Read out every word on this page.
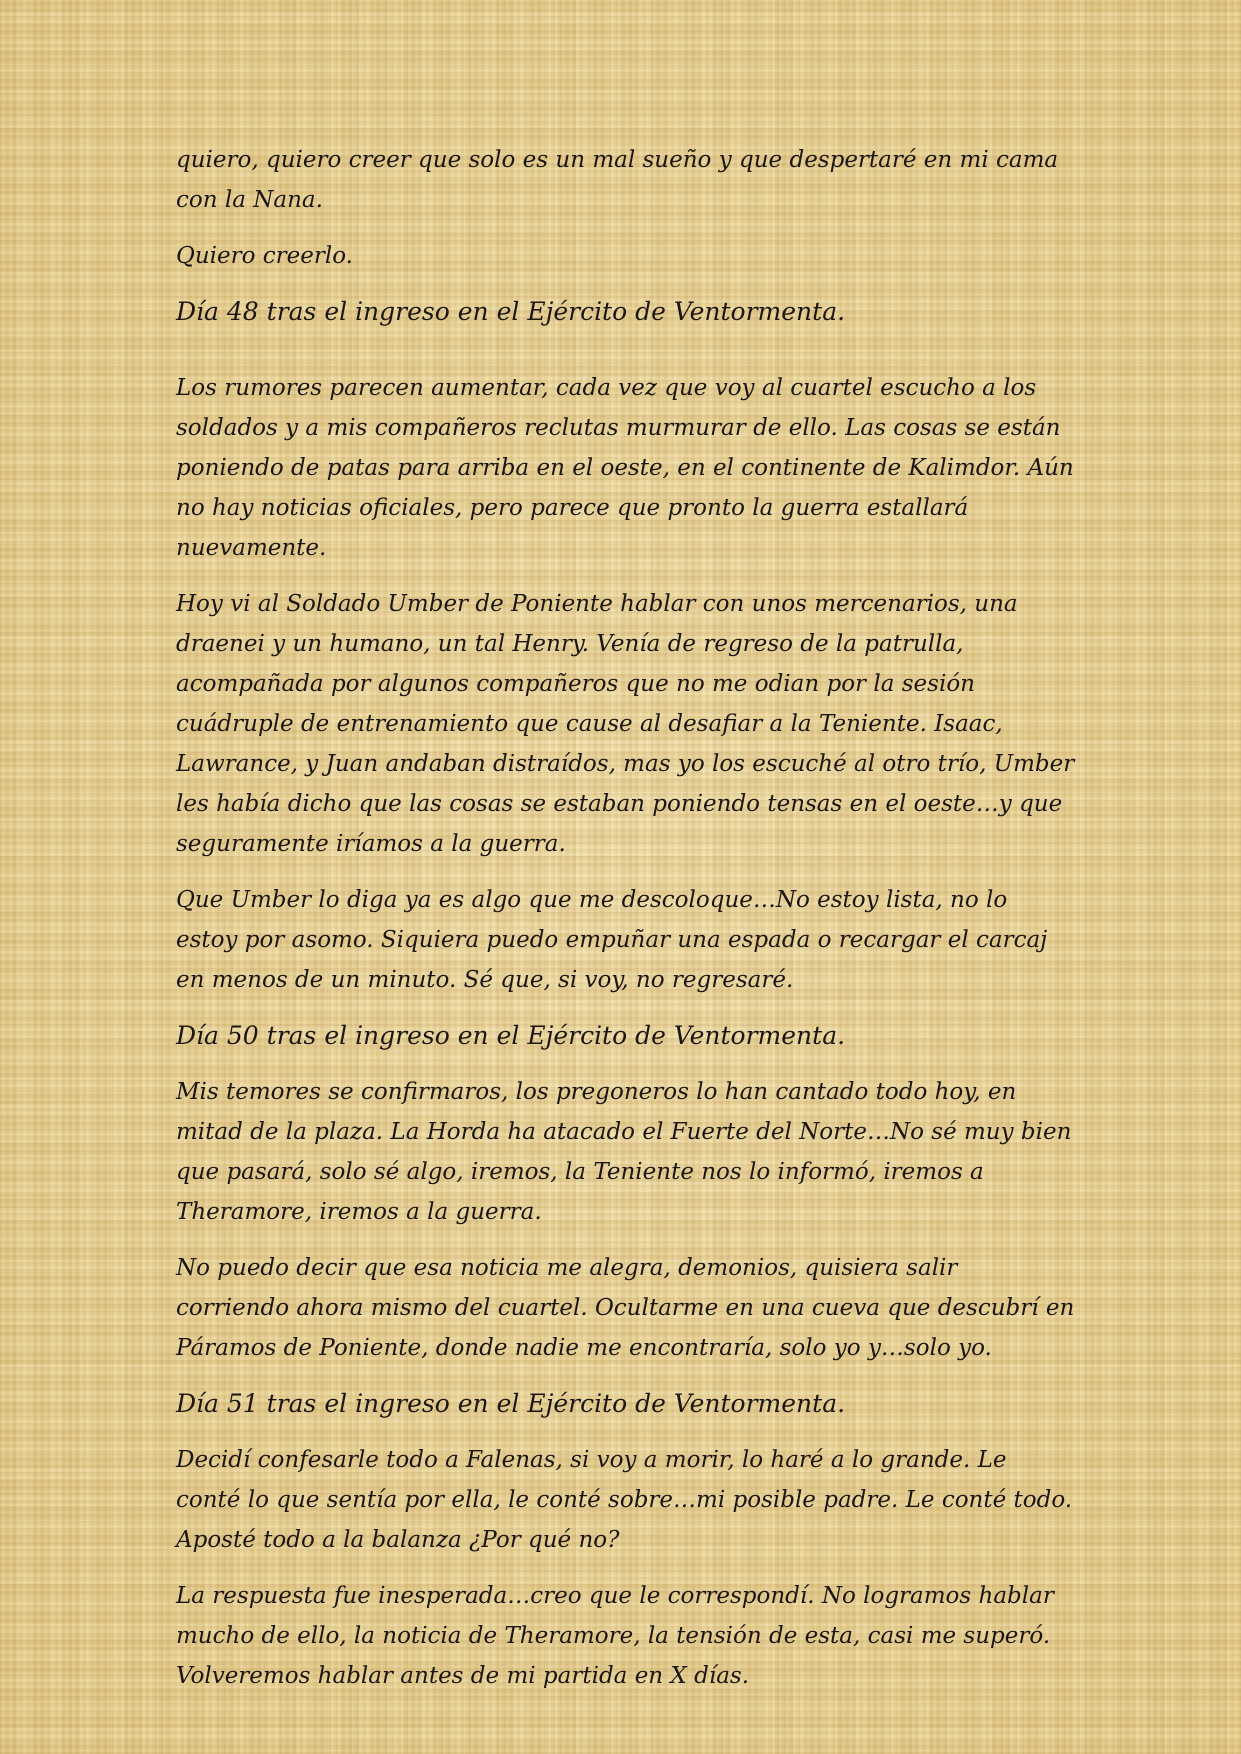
quiero, quiero creer que solo es un mal sueño y que despertaré en mi cama con la Nana.

Quiero creerlo.

Día 48 tras el ingreso en el Ejército de Ventormenta.

Los rumores parecen aumentar, cada vez que voy al cuartel escucho a los soldados y a mis compañeros reclutas murmurar de ello. Las cosas se están poniendo de patas para arriba en el oeste, en el continente de Kalimdor. Aún no hay noticias oficiales, pero parece que pronto la guerra estallará nuevamente.

Hoy vi al Soldado Umber de Poniente hablar con unos mercenarios, una draenei y un humano, un tal Henry. Venía de regreso de la patrulla, acompañada por algunos compañeros que no me odian por la sesión cuádruple de entrenamiento que cause al desafiar a la Teniente. Isaac, Lawrance, y Juan andaban distraídos, mas yo los escuché al otro trío, Umber les había dicho que las cosas se estaban poniendo tensas en el oeste…y que seguramente iríamos a la guerra.

Que Umber lo diga ya es algo que me descoloque…No estoy lista, no lo estoy por asomo. Siquiera puedo empuñar una espada o recargar el carcaj en menos de un minuto. Sé que, si voy, no regresaré.

Día 50 tras el ingreso en el Ejército de Ventormenta.

Mis temores se confirmaros, los pregoneros lo han cantado todo hoy, en mitad de la plaza. La Horda ha atacado el Fuerte del Norte…No sé muy bien que pasará, solo sé algo, iremos, la Teniente nos lo informó, iremos a Theramore, iremos a la guerra.

No puedo decir que esa noticia me alegra, demonios, quisiera salir corriendo ahora mismo del cuartel. Ocultarme en una cueva que descubrí en Páramos de Poniente, donde nadie me encontraría, solo yo y…solo yo.

Día 51 tras el ingreso en el Ejército de Ventormenta.

Decidí confesarle todo a Falenas, si voy a morir, lo haré a lo grande. Le conté lo que sentía por ella, le conté sobre…mi posible padre. Le conté todo. Aposté todo a la balanza ¿Por qué no?

La respuesta fue inesperada…creo que le correspondí. No logramos hablar mucho de ello, la noticia de Theramore, la tensión de esta, casi me superó. Volveremos hablar antes de mi partida en X días.
